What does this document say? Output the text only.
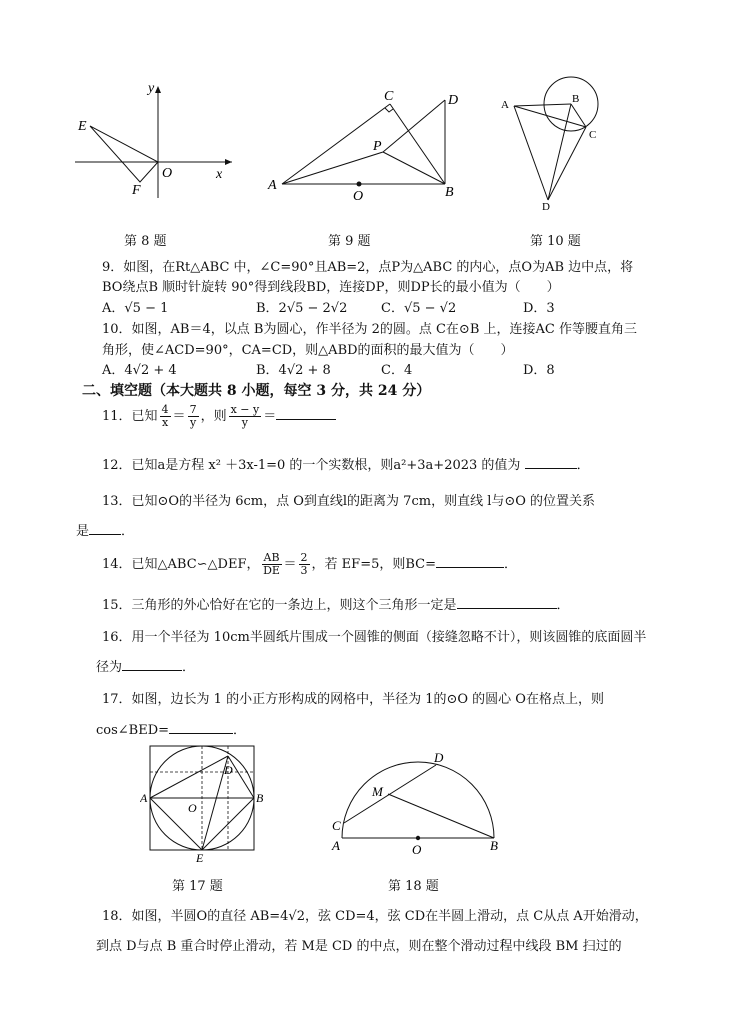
y
x
E
F
O
第 8 题
A	B
C	D
P
O
第 9 题
A	B
C
D
第 10 题
9．如图，在Rt△ABC 中，∠C=90°且AB=2，点P为△ABC 的内心，点O为AB 边中点，将
BO绕点B 顺时针旋转 90°得到线段BD，连接DP，则DP长的最小值为（　　）
A．√5 − 1	B．2√5 − 2√2	C．√5 − √2	D．3
10．如图，AB＝4，以点 B为圆心，作半径为 2的圆。点 C在⊙B 上，连接AC 作等腰直角三
角形，使∠ACD=90°，CA=CD，则△ABD的面积的最大值为（　　）
A．4√2 + 4	B．4√2 + 8	C．4	D．8
二、填空题（本大题共 8 小题，每空 3 分，共 24 分）
11．已知 $\frac{4}{x} = \frac{7}{y}$ ，则 $\frac{x - y}{y}$ ＝
12．已知a是方程 x² ＋3x-1=0 的一个实数根，则a²+3a+2023 的值为	．
13．已知⊙O的半径为 6cm，点 O到直线l的距离为 7cm，则直线 l与⊙O 的位置关系
是 ．
14．已知△ABC∽△DEF， $\frac{AB}{DE} = \frac{2}{3}$ ，若 EF=5，则BC=	．
15．三角形的外心恰好在它的一条边上，则这个三角形一定是	．
16．用一个半径为 10cm半圆纸片围成一个圆锥的侧面（接缝忽略不计），则该圆锥的底面圆半
径为	．
17．如图，边长为 1 的小正方形构成的网格中，半径为 1的⊙O 的圆心 O在格点上，则
cos∠BED=	．
A	B
D
O
E
第 17 题
A	B
C
D
M
O
第 18 题
18．如图，半圆O的直径 AB=4√2，弦 CD=4，弦 CD在半圆上滑动，点 C从点 A开始滑动，
到点 D与点 B 重合时停止滑动，若 M是 CD 的中点，则在整个滑动过程中线段 BM 扫过的
